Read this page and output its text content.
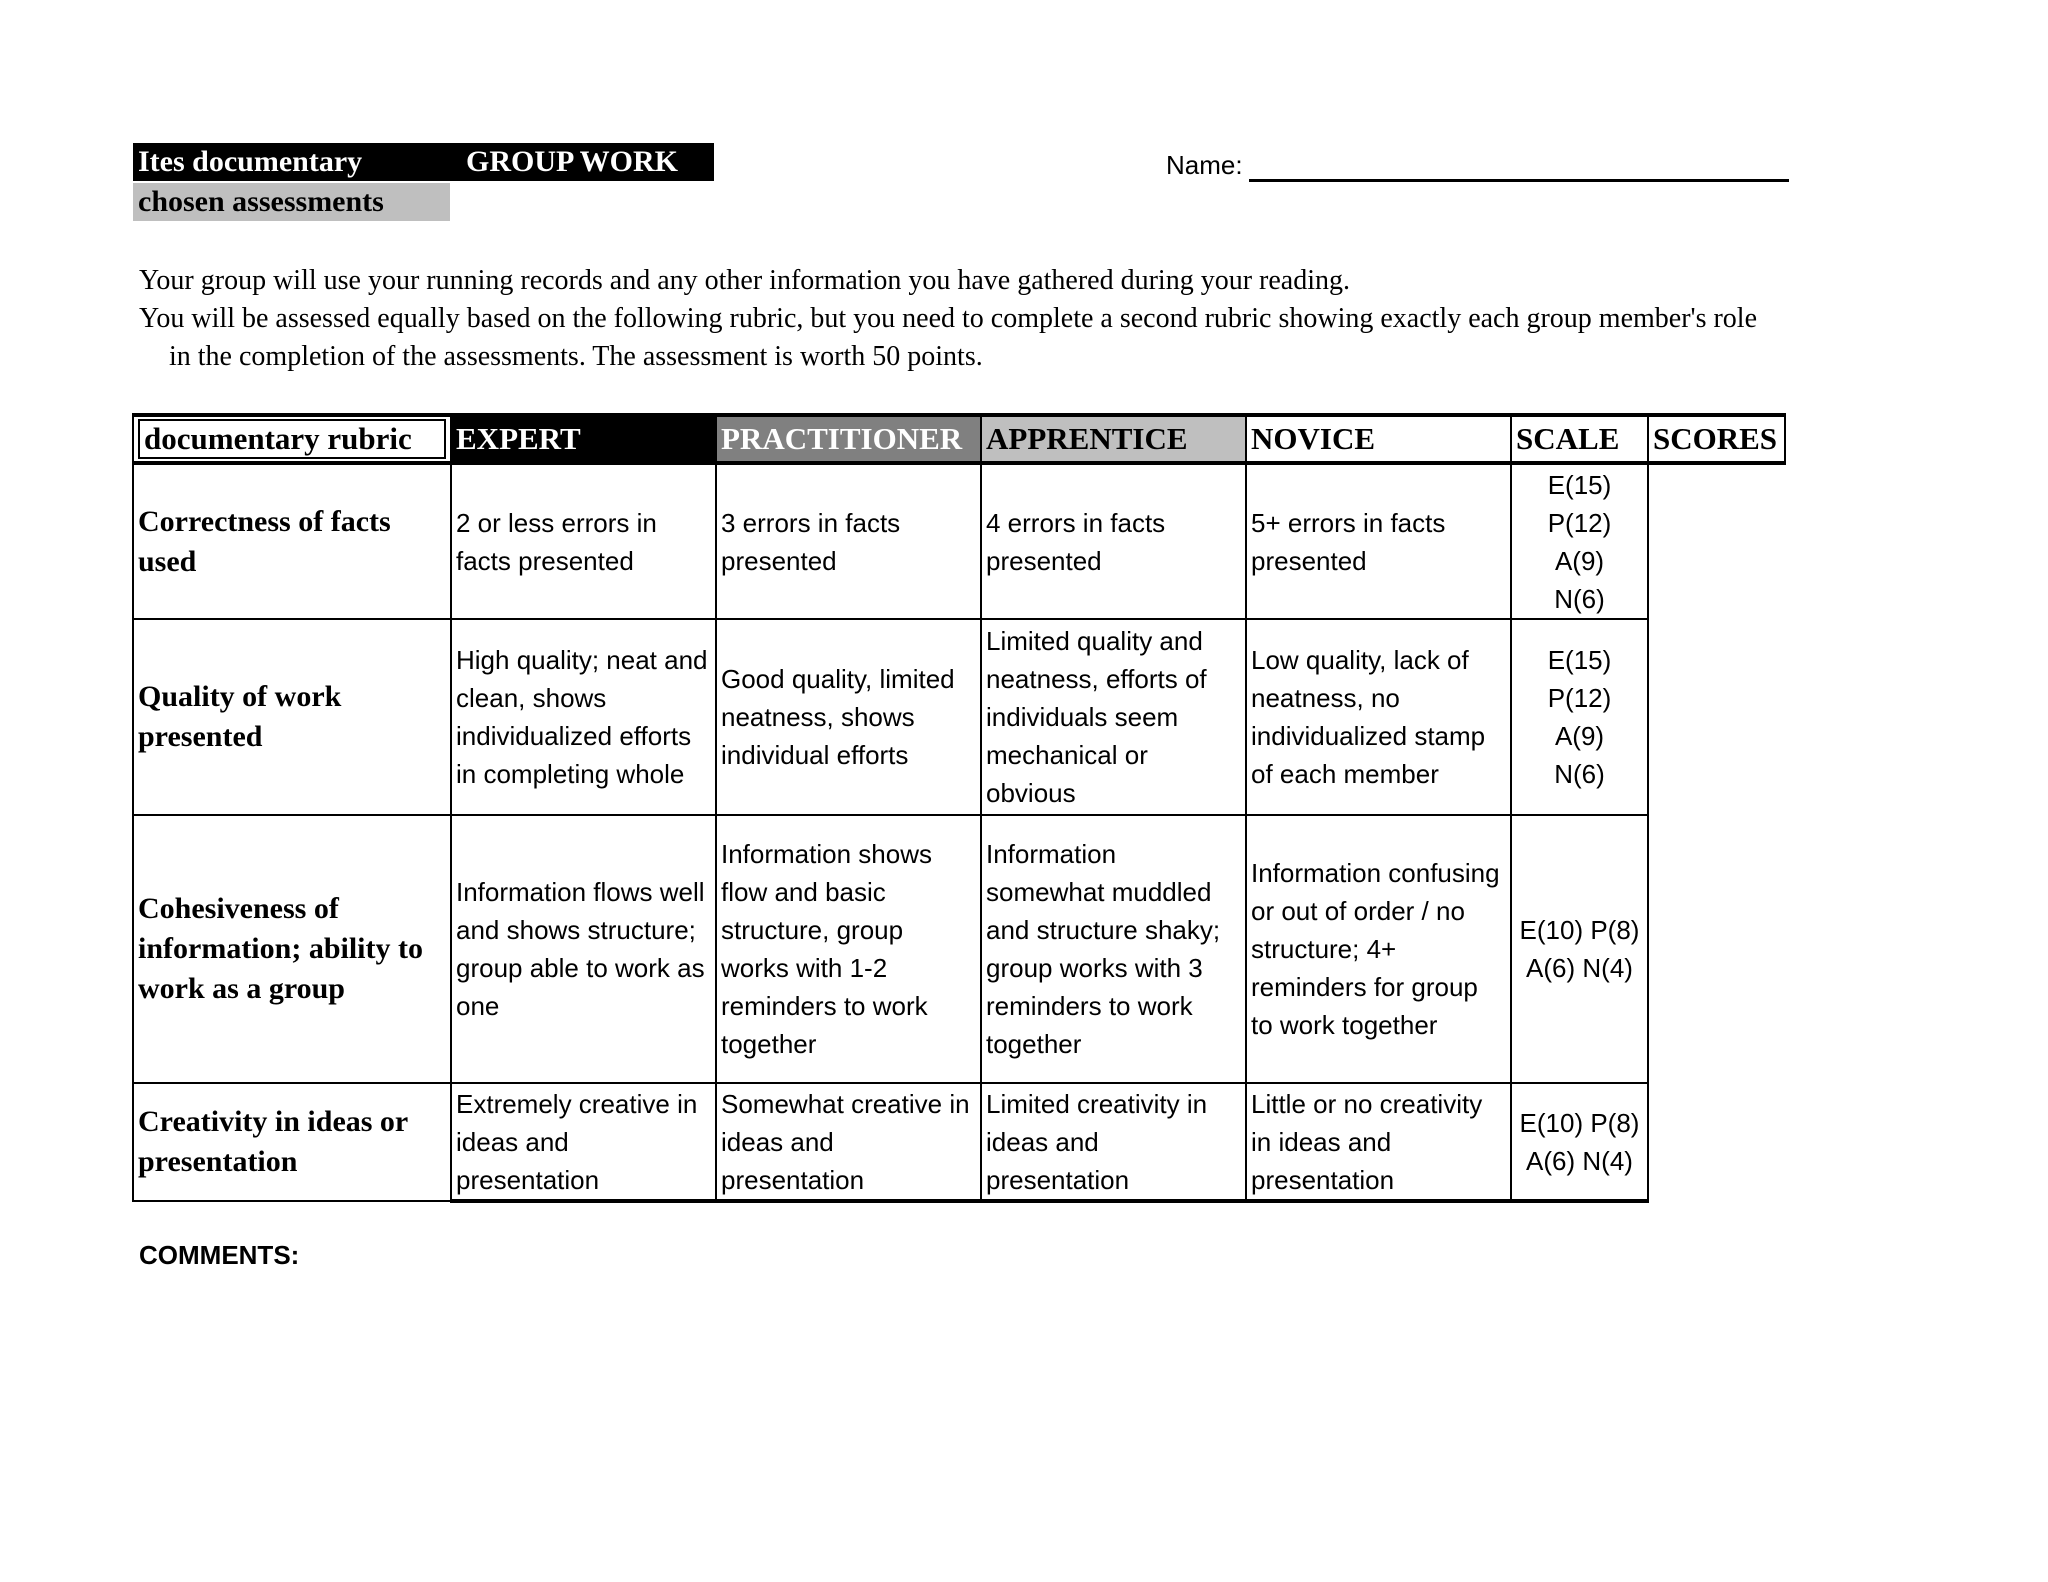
Ites documentary	GROUP WORK
chosen assessments
Name:

Your group will use your running records and any other information you have gathered during your reading.

You will be assessed equally based on the following rubric, but you need to complete a second rubric showing exactly each group member's role

in the completion of the assessments. The assessment is worth 50 points.

documentary rubric	EXPERT	PRACTITIONER	APPRENTICE	NOVICE	SCALE	SCORES
Correctness of facts used	2 or less errors in facts presented	3 errors in facts presented	4 errors in facts presented	5+ errors in facts presented	E(15)
P(12)
A(9)
N(6)	

Quality of work presented	High quality; neat and clean, shows individualized efforts in completing whole	Good quality, limited neatness, shows individual efforts	Limited quality and neatness, efforts of individuals seem mechanical or obvious	Low quality, lack of neatness, no individualized stamp of each member	E(15)
P(12)
A(9)
N(6)	

Cohesiveness of information; ability to work as a group	Information flows well and shows structure; group able to work as one	Information shows flow and basic structure, group works with 1-2 reminders to work together	Information somewhat muddled and structure shaky; group works with 3 reminders to work together	Information confusing or out of order / no structure; 4+ reminders for group to work together	E(10) P(8)
A(6) N(4)	

Creativity in ideas or presentation	Extremely creative in ideas and presentation	Somewhat creative in ideas and presentation	Limited creativity in ideas and presentation	Little or no creativity in ideas and presentation	E(10) P(8)
A(6) N(4)	

COMMENTS:
